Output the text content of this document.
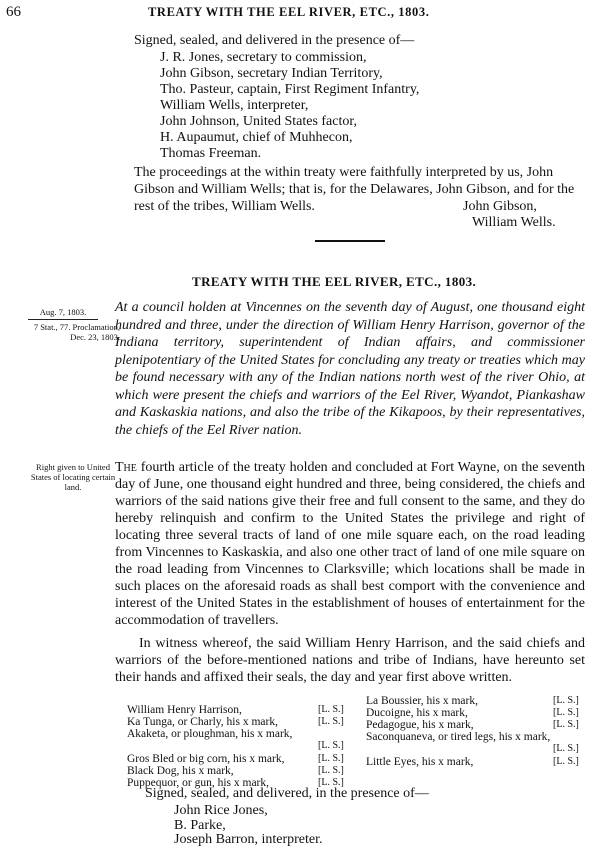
66	TREATY WITH THE EEL RIVER, ETC., 1803.
Signed, sealed, and delivered in the presence of—
J. R. Jones, secretary to commission,
John Gibson, secretary Indian Territory,
Tho. Pasteur, captain, First Regiment Infantry,
William Wells, interpreter,
John Johnson, United States factor,
H. Aupaumut, chief of Muhhecon,
Thomas Freeman.
The proceedings at the within treaty were faithfully interpreted by us, John Gibson and William Wells; that is, for the Delawares, John Gibson, and for the rest of the tribes, William Wells.	John Gibson,
William Wells.
TREATY WITH THE EEL RIVER, ETC., 1803.
Aug. 7, 1803.
7 Stat., 77. Proclamation, Dec. 23, 1803.
Right given to United States of locating certain land.
At a council holden at Vincennes on the seventh day of August, one thousand eight hundred and three, under the direction of William Henry Harrison, governor of the Indiana territory, superintendent of Indian affairs, and commissioner plenipotentiary of the United States for concluding any treaty or treaties which may be found necessary with any of the Indian nations north west of the river Ohio, at which were present the chiefs and warriors of the Eel River, Wyandot, Piankashaw and Kaskaskia nations, and also the tribe of the Kikapoos, by their representatives, the chiefs of the Eel River nation.
The fourth article of the treaty holden and concluded at Fort Wayne, on the seventh day of June, one thousand eight hundred and three, being considered, the chiefs and warriors of the said nations give their free and full consent to the same, and they do hereby relinquish and confirm to the United States the privilege and right of locating three several tracts of land of one mile square each, on the road leading from Vincennes to Kaskaskia, and also one other tract of land of one mile square on the road leading from Vincennes to Clarksville; which locations shall be made in such places on the aforesaid roads as shall best comport with the convenience and interest of the United States in the establishment of houses of entertainment for the accommodation of travellers.
In witness whereof, the said William Henry Harrison, and the said chiefs and warriors of the before-mentioned nations and tribe of Indians, have hereunto set their hands and affixed their seals, the day and year first above written.
William Henry Harrison,	[L. S.]
Ka Tunga, or Charly, his x mark,	[L. S.]
Akaketa, or ploughman, his x mark,
[L. S.]
Gros Bled or big corn, his x mark,	[L. S.]
Black Dog, his x mark,	[L. S.]
Puppequor, or gun, his x mark,	[L. S.]
La Boussier, his x mark,	[L. S.]
Ducoigne, his x mark,	[L. S.]
Pedagogue, his x mark,	[L. S.]
Saconquaneva, or tired legs, his x mark,
[L. S.]
Little Eyes, his x mark,	[L. S.]
Signed, sealed, and delivered, in the presence of—
John Rice Jones,
B. Parke,
Joseph Barron, interpreter.
